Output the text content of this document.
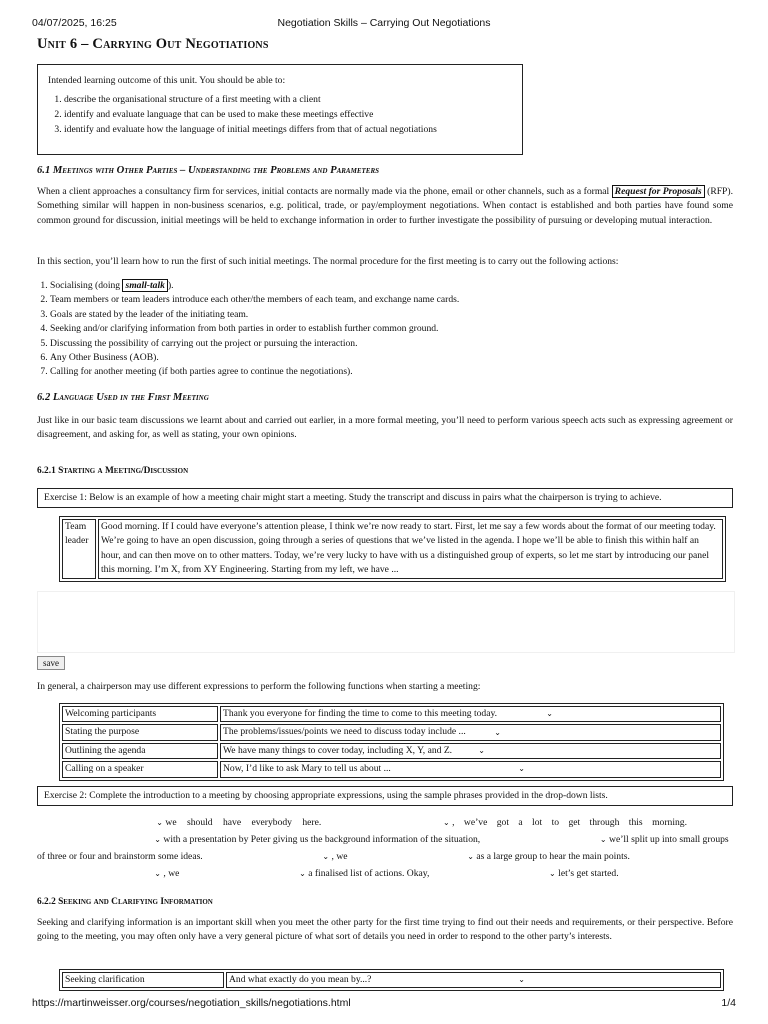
04/07/2025, 16:25	Negotiation Skills – Carrying Out Negotiations
Unit 6 – Carrying Out Negotiations

Intended learning outcome of this unit. You should be able to:

1. describe the organisational structure of a first meeting with a client
2. identify and evaluate language that can be used to make these meetings effective
3. identify and evaluate how the language of initial meetings differs from that of actual negotiations
6.1 Meetings with Other Parties – Understanding the Problems and Parameters

When a client approaches a consultancy firm for services, initial contacts are normally made via the phone, email or other channels, such as a formal Request for Proposals (RFP). Something similar will happen in non-business scenarios, e.g. political, trade, or pay/employment negotiations. When contact is established and both parties have found some common ground for discussion, initial meetings will be held to exchange information in order to further investigate the possibility of pursuing or developing mutual interaction.

In this section, you’ll learn how to run the first of such initial meetings. The normal procedure for the first meeting is to carry out the following actions:

1. Socialising (doing small-talk ).
2. Team members or team leaders introduce each other/the members of each team, and exchange name cards.
3. Goals are stated by the leader of the initiating team.
4. Seeking and/or clarifying information from both parties in order to establish further common ground.
5. Discussing the possibility of carrying out the project or pursuing the interaction.
6. Any Other Business (AOB).
7. Calling for another meeting (if both parties agree to continue the negotiations).
6.2 Language Used in the First Meeting

Just like in our basic team discussions we learnt about and carried out earlier, in a more formal meeting, you’ll need to perform various speech acts such as expressing agreement or disagreement, and asking for, as well as stating, your own opinions.

6.2.1 Starting a Meeting/Discussion
Exercise 1: Below is an example of how a meeting chair might start a meeting. Study the transcript and discuss in pairs what the chairperson is trying to achieve.
Team leader	Good morning. If I could have everyone’s attention please, I think we’re now ready to start. First, let me say a few words about the format of our meeting today. We’re going to have an open discussion, going through a series of questions that we’ve listed in the agenda. I hope we’ll be able to finish this within half an hour, and can then move on to other matters. Today, we’re very lucky to have with us a distinguished group of experts, so let me start by introducing our panel this morning. I’m X, from XY Engineering. Starting from my left, we have ...
save

In general, a chairperson may use different expressions to perform the following functions when starting a meeting:

Welcoming participants	Thank you everyone for finding the time to come to this meeting today. ⌄

Stating the purpose	The problems/issues/points we need to discuss today include ... ⌄

Outlining the agenda	We have many things to cover today, including X, Y, and Z. ⌄

Calling on a speaker	Now, I’d like to ask Mary to tell us about ... ⌄
Exercise 2: Complete the introduction to a meeting by choosing appropriate expressions, using the sample phrases provided in the drop-down lists.
⌄ we should have everybody here.	⌄ , we’ve got a lot to get through this morning.

⌄ with a presentation by Peter giving us the background information of the situation,	⌄ we’ll split up into small groups of three or four and brainstorm some ideas.	⌄ , we	⌄ as a large group to hear the main points.

⌄ , we	⌄ a finalised list of actions. Okay,	⌄ let’s get started.
6.2.2 Seeking and Clarifying Information

Seeking and clarifying information is an important skill when you meet the other party for the first time trying to find out their needs and requirements, or their perspective. Before going to the meeting, you may often only have a very general picture of what sort of details you need in order to respond to the other party’s interests.

Seeking clarification	And what exactly do you mean by...?	⌄
https://martinweisser.org/courses/negotiation_skills/negotiations.html	1/4
